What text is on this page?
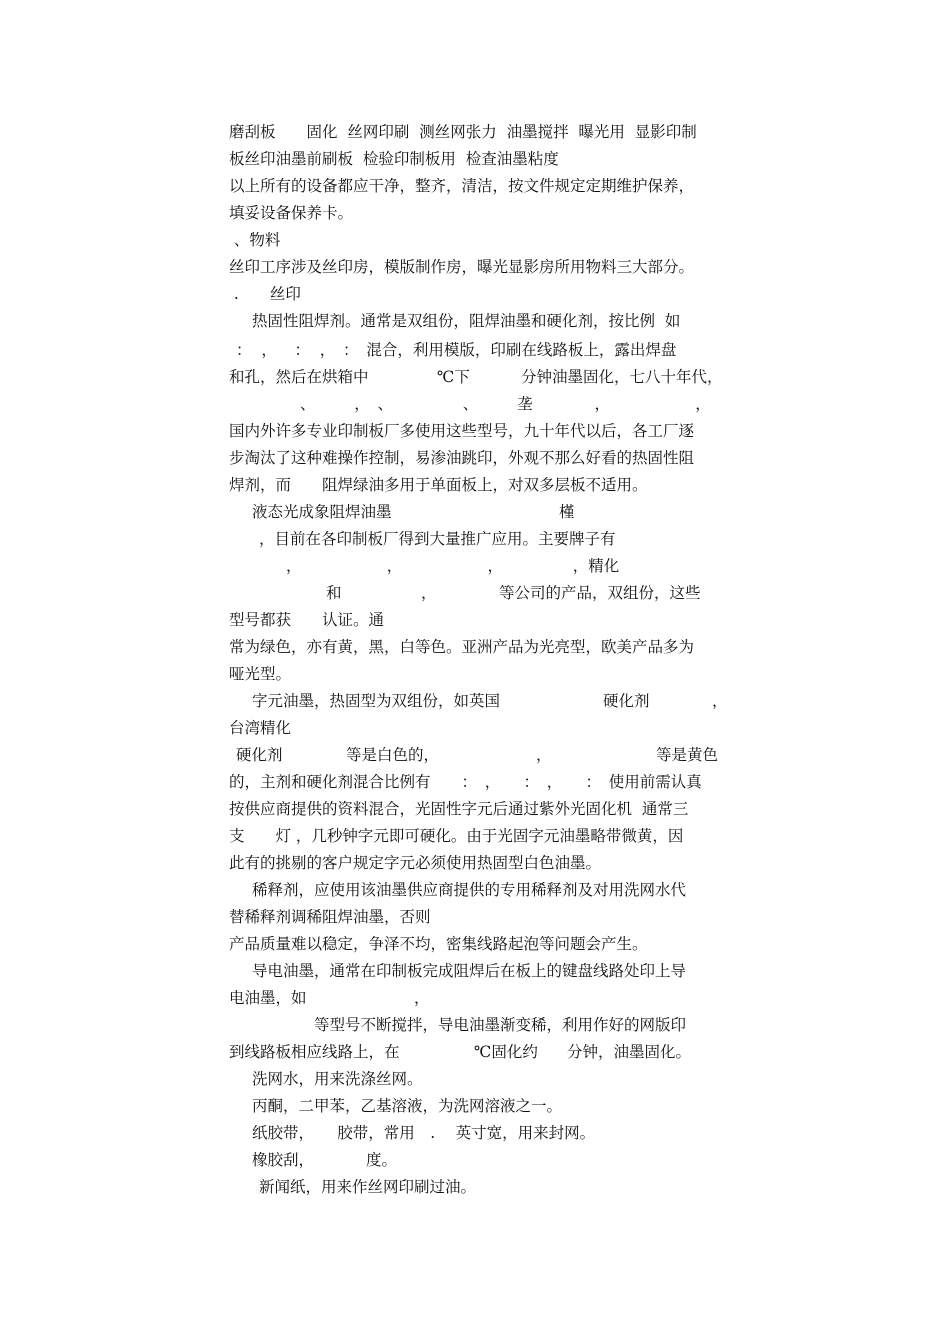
磨刮板　　固化  丝网印刷  测丝网张力  油墨搅拌  曝光用  显影印制

板丝印油墨前刷板  检验印制板用  检查油墨粘度

以上所有的设备都应干净，整齐，清洁，按文件规定定期维护保养，

填妥设备保养卡。

、物料

丝印工序涉及丝印房，模版制作房，曝光显影房所用物料三大部分。

.　　丝印

热固性阻焊剂。通常是双组份，阻焊油墨和硬化剂，按比例  如

：  ，　  ：  ，　：　混合，利用模版，印刷在线路板上，露出焊盘

和孔，然后在烘箱中	℃下	分钟油墨固化，七八十年代，

、　　　，　、　　　　　、　　　垄　　　　，　　　　　　，

国内外许多专业印制板厂多使用这些型号，九十年代以后，各工厂逐

步淘汰了这种难操作控制，易渗油跳印，外观不那么好看的热固性阻

焊剂，而　　阻焊绿油多用于单面板上，对双多层板不适用。

液态光成象阻焊油墨	槿

，目前在各印制板厂得到大量推广应用。主要牌子有

，　　　　　　，　　　　　　，　　　　　，精化

和	，	等公司的产品，双组份，这些

型号都获　　认证。通

常为绿色，亦有黄，黑，白等色。亚洲产品为光亮型，欧美产品多为

哑光型。

字元油墨，热固型为双组份，如英国	硬化剂	，

台湾精化

硬化剂	等是白色的，	，	等是黄色

的，主剂和硬化剂混合比例有　　：　，　　：　，　　：　使用前需认真

按供应商提供的资料混合，光固性字元后通过紫外光固化机  通常三

支　　灯 ，几秒钟字元即可硬化。由于光固字元油墨略带微黄，因

此有的挑剔的客户规定字元必须使用热固型白色油墨。

稀释剂，应使用该油墨供应商提供的专用稀释剂及对用洗网水代

替稀释剂调稀阻焊油墨，否则

产品质量难以稳定，争泽不均，密集线路起泡等问题会产生。

导电油墨，通常在印制板完成阻焊后在板上的键盘线路处印上导

电油墨，如	，

等型号不断搅拌，导电油墨渐变稀，利用作好的网版印

到线路板相应线路上，在	℃固化约 分钟，油墨固化。

洗网水，用来洗涤丝网。

丙酮，二甲苯，乙基溶液，为洗网溶液之一。

纸胶带，　　胶带，常用　.　 英寸宽，用来封网。

橡胶刮，	度。

新闻纸，用来作丝网印刷过油。
